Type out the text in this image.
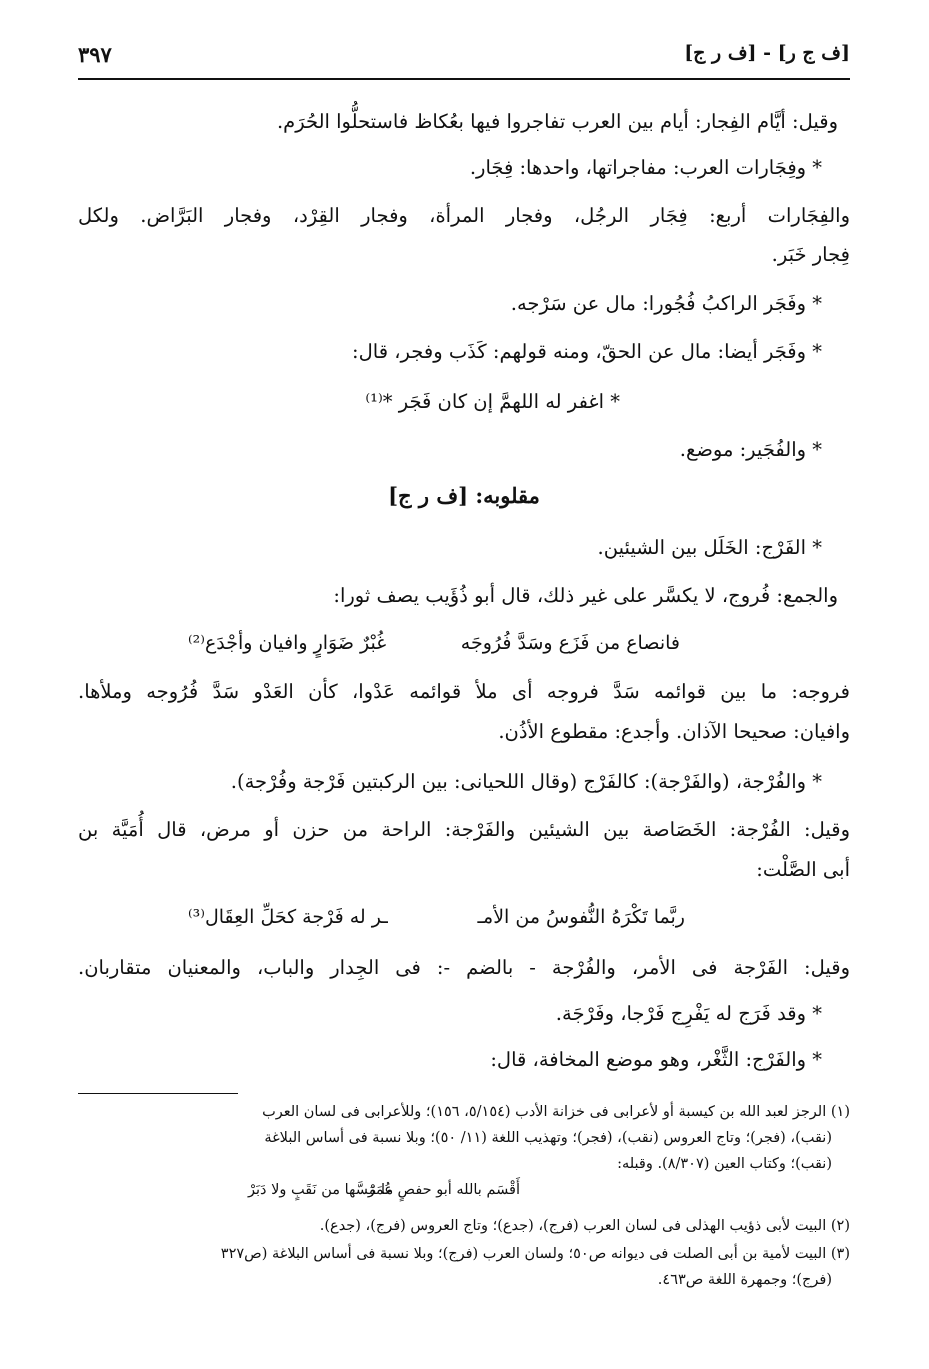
[ف ج ر] - [ف ر ج]
٣٩٧
وقيل: أيَّام الفِجار: أيام بين العرب تفاجروا فيها بعُكاظ فاستحلُّوا الحُرَم.
* وفِجَارات العرب: مفاجراتها، واحدها: فِجَار.
والفِجَارات أربع: فِجَار الرجُل، وفجار المرأة، وفجار القِرْد، وفجار البَرَّاض. ولكل
فِجار خَبَر.
* وفَجَر الراكبُ فُجُورا: مال عن سَرْجه.
* وفَجَر أيضا: مال عن الحقّ، ومنه قولهم: كَذَب وفجر، قال:
* اغفر له اللهمَّ إن كان فَجَر *⁽¹⁾
* والفُجَير: موضع.
مقلوبه: [ف ر ج]
* الفَرْج: الخَلَل بين الشيئين.
والجمع: فُروج، لا يكسَّر على غير ذلك، قال أبو ذُؤَيب يصف ثورا:
فانصاع من فَزَع وسَدَّ فُرُوجَه
غُبْرٌ ضَوَارٍ وافيان وأجْدَع⁽²⁾
فروجه: ما بين قوائمه سَدَّ فروجه أى ملأ قوائمه عَدْوا، كأن العَدْو سَدَّ فُرُوجه وملأها.
وافيان: صحيحا الآذان. وأجدع: مقطوع الأذُن.
* والفُرْجة، (والفَرْجة): كالفَرْج (وقال اللحيانى: بين الركبتين فَرْجة وفُرْجة).
وقيل: الفُرْجة: الخَصَاصة بين الشيئين والفَرْجة: الراحة من حزن أو مرض، قال أُمَيَّة بن
أبى الصَّلْت:
ربَّما تَكْرَهُ النُّفوسُ من الأمـ
ـر له فَرْجة كحَلِّ العِقَال⁽³⁾
وقيل: الفَرْجة فى الأمر، والفُرْجة - بالضم -: فى الجِدار والباب، والمعنيان متقاربان.
* وقد فَرَج له يَفْرِج فَرْجا، وفَرْجَة.
* والفَرْج: الثَّغْر، وهو موضع المخافة، قال:
(١) الرجز لعبد الله بن كيسبة أو لأعرابى فى خزانة الأدب (٥/١٥٤، ١٥٦)؛ وللأعرابى فى لسان العرب
(نقب)، (فجر)؛ وتاج العروس (نقب)، (فجر)؛ وتهذيب اللغة (١١/ ٥٠)؛ وبلا نسبة فى أساس البلاغة
(نقب)؛ وكتاب العين (٨/٣٠٧). وقبله:
أَقْسَم بالله أبو حفصٍ عُمَرْ
ما مَسَّها من نَقَبٍ ولا دَبَرْ
(٢) البيت لأبى ذؤيب الهذلى فى لسان العرب (فرج)، (جدع)؛ وتاج العروس (فرج)، (جدع).
(٣) البيت لأمية بن أبى الصلت فى ديوانه ص٥٠؛ ولسان العرب (فرج)؛ وبلا نسبة فى أساس البلاغة (ص٣٢٧
(فرج)؛ وجمهرة اللغة ص٤٦٣.
